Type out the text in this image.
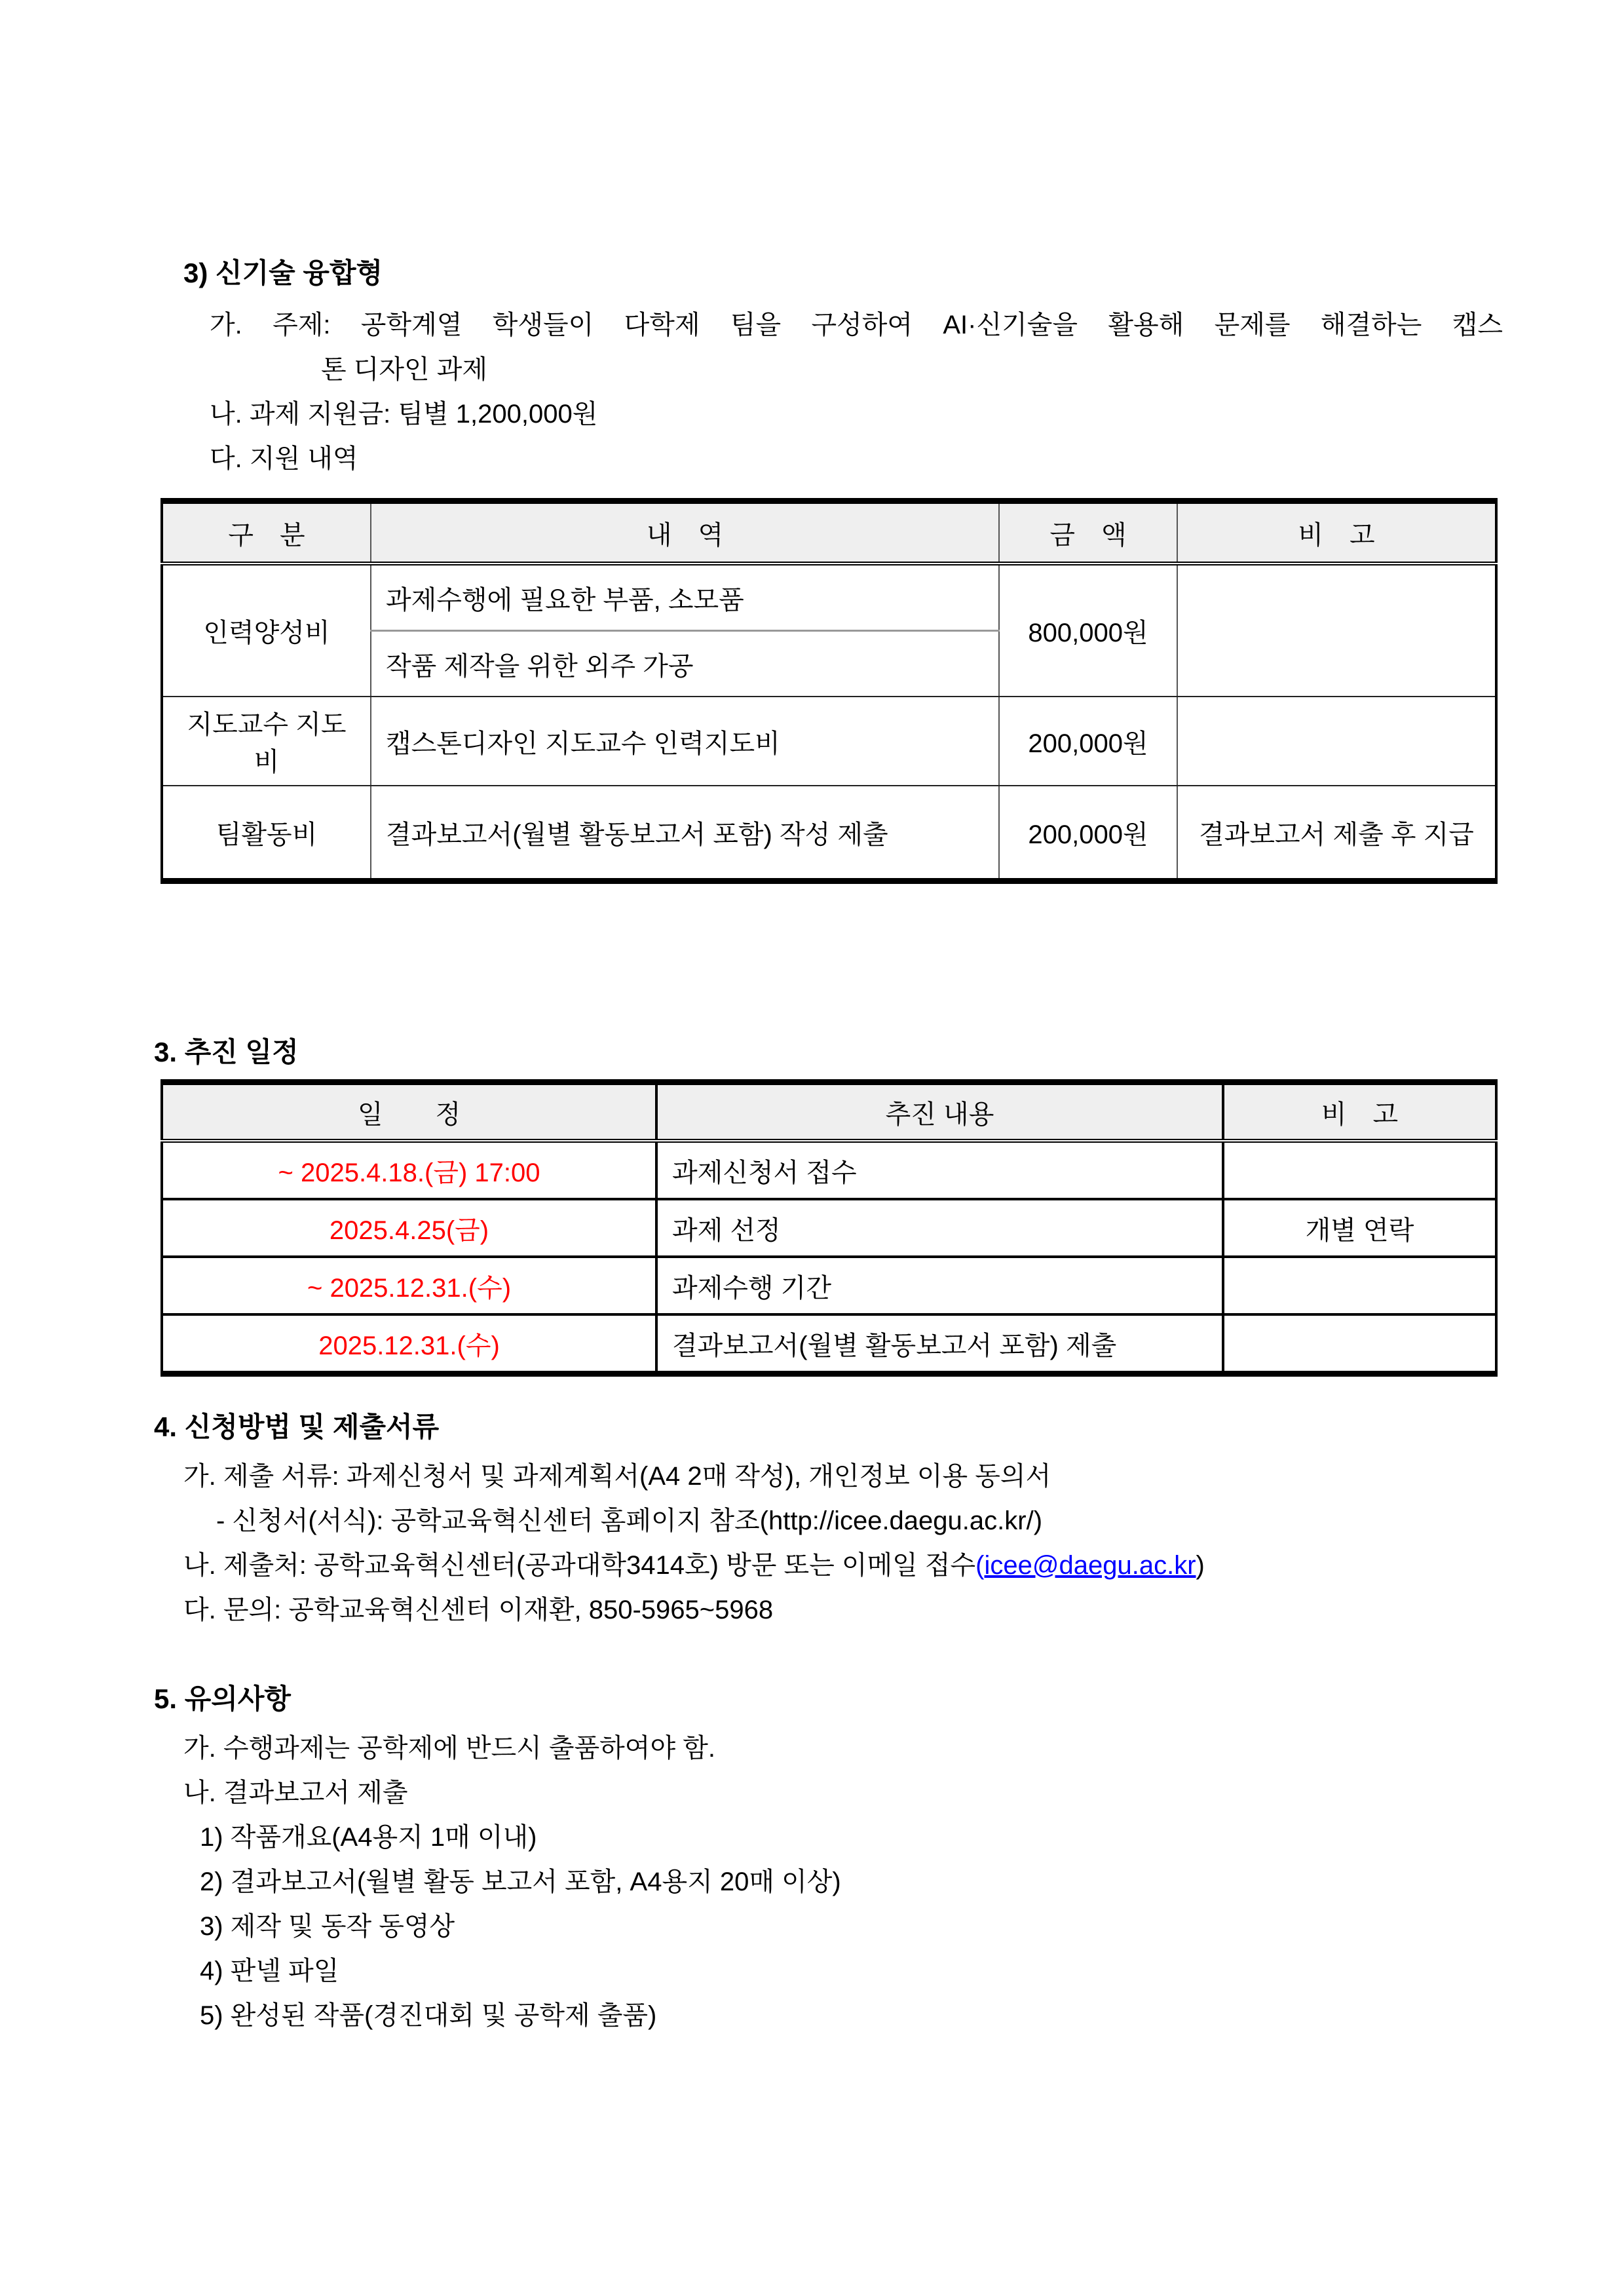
3) 신기술 융합형
가. 주제: 공학계열 학생들이 다학제 팀을 구성하여 AI·신기술을 활용해 문제를 해결하는 캡스
톤 디자인 과제
나. 과제 지원금: 팀별 1,200,000원
다. 지원 내역
구　분	내　역	금　액	비　고
인력양성비	과제수행에 필요한 부품, 소모품	800,000원	
	작품 제작을 위한 외주 가공		
지도교수 지도비	캡스톤디자인 지도교수 인력지도비	200,000원	
팀활동비	결과보고서(월별 활동보고서 포함) 작성 제출	200,000원	결과보고서 제출 후 지급
3. 추진 일정
일　　정	추진 내용	비　고
~ 2025.4.18.(금) 17:00	과제신청서 접수	
2025.4.25(금)	과제 선정	개별 연락
~ 2025.12.31.(수)	과제수행 기간	
2025.12.31.(수)	결과보고서(월별 활동보고서 포함) 제출	
4. 신청방법 및 제출서류
가. 제출 서류: 과제신청서 및 과제계획서(A4 2매 작성), 개인정보 이용 동의서
- 신청서(서식): 공학교육혁신센터 홈페이지 참조(http://icee.daegu.ac.kr/)
나. 제출처: 공학교육혁신센터(공과대학3414호) 방문 또는 이메일 접수(icee@daegu.ac.kr)
다. 문의: 공학교육혁신센터 이재환, 850-5965~5968
5. 유의사항
가. 수행과제는 공학제에 반드시 출품하여야 함.
나. 결과보고서 제출
1) 작품개요(A4용지 1매 이내)
2) 결과보고서(월별 활동 보고서 포함, A4용지 20매 이상)
3) 제작 및 동작 동영상
4) 판넬 파일
5) 완성된 작품(경진대회 및 공학제 출품)
